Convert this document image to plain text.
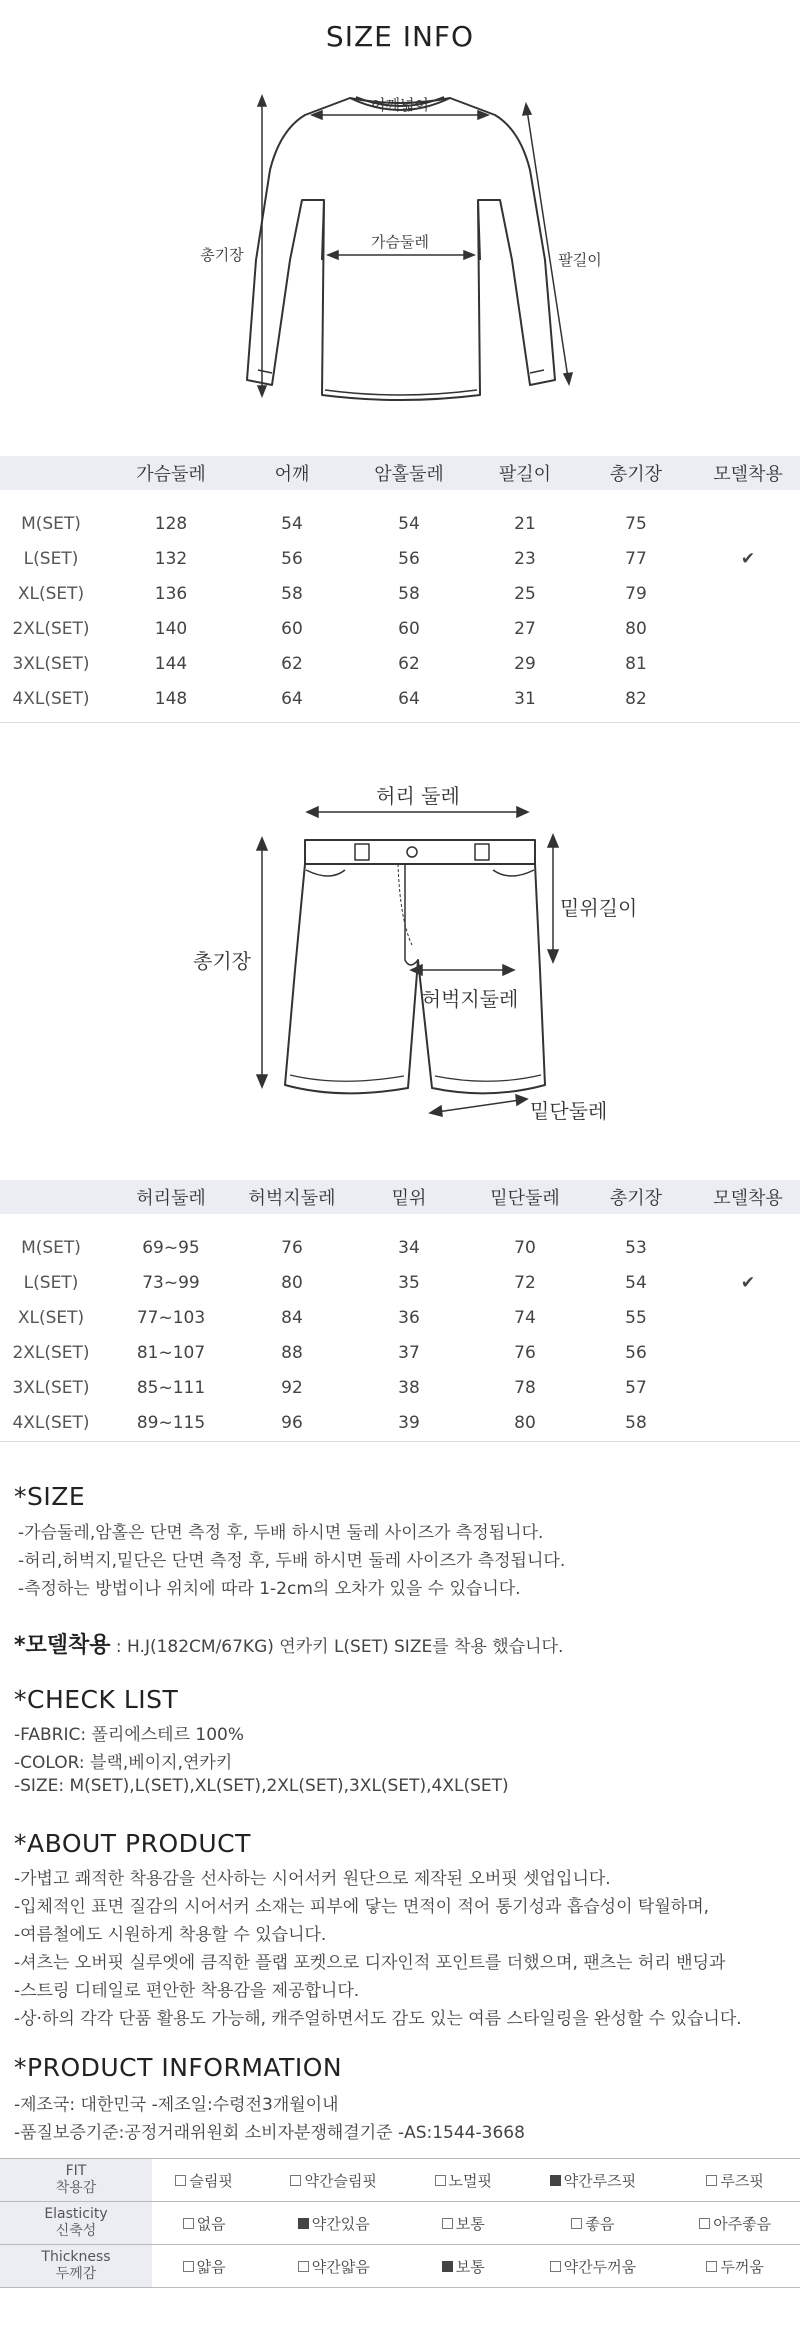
SIZE INFO
어깨넓이
가슴둘레
총기장	팔길이
	가슴둘레	어깨	암홀둘레	팔길이	총기장	모델착용

M(SET)	128	54	54	21	75	
L(SET)	132	56	56	23	77	✔
XL(SET)	136	58	58	25	79	
2XL(SET)	140	60	60	27	80	
3XL(SET)	144	62	62	29	81	
4XL(SET)	148	64	64	31	82	
허리 둘레
밑위길이
총기장
허벅지둘레
밑단둘레
	허리둘레	허벅지둘레	밑위	밑단둘레	총기장	모델착용

M(SET)	69~95	76	34	70	53	
L(SET)	73~99	80	35	72	54	✔
XL(SET)	77~103	84	36	74	55	
2XL(SET)	81~107	88	37	76	56	
3XL(SET)	85~111	92	38	78	57	
4XL(SET)	89~115	96	39	80	58	
*SIZE
-가슴둘레,암홀은 단면 측정 후, 두배 하시면 둘레 사이즈가 측정됩니다.
-허리,허벅지,밑단은 단면 측정 후, 두배 하시면 둘레 사이즈가 측정됩니다.
-측정하는 방법이나 위치에 따라 1-2cm의 오차가 있을 수 있습니다.
*모델착용 : H.J(182CM/67KG) 연카키 L(SET) SIZE를 착용 했습니다.
*CHECK LIST
-FABRIC: 폴리에스테르 100%
-COLOR: 블랙,베이지,연카키
-SIZE: M(SET),L(SET),XL(SET),2XL(SET),3XL(SET),4XL(SET)
*ABOUT PRODUCT
-가볍고 쾌적한 착용감을 선사하는 시어서커 원단으로 제작된 오버핏 셋업입니다.
-입체적인 표면 질감의 시어서커 소재는 피부에 닿는 면적이 적어 통기성과 흡습성이 탁월하며,
-여름철에도 시원하게 착용할 수 있습니다.
-셔츠는 오버핏 실루엣에 큼직한 플랩 포켓으로 디자인적 포인트를 더했으며, 팬츠는 허리 밴딩과
-스트링 디테일로 편안한 착용감을 제공합니다.
-상·하의 각각 단품 활용도 가능해, 캐주얼하면서도 감도 있는 여름 스타일링을 완성할 수 있습니다.
*PRODUCT INFORMATION
-제조국: 대한민국 -제조일:수령전3개월이내
-품질보증기준:공정거래위원회 소비자분쟁해결기준 -AS:1544-3668
FIT
착용감	슬림핏	약간슬림핏	노멀핏	약간루즈핏	루즈핏

Elasticity
신축성	없음	약간있음	보통	좋음	아주좋음

Thickness
두께감	얇음	약간얇음	보통	약간두꺼움	두꺼움
